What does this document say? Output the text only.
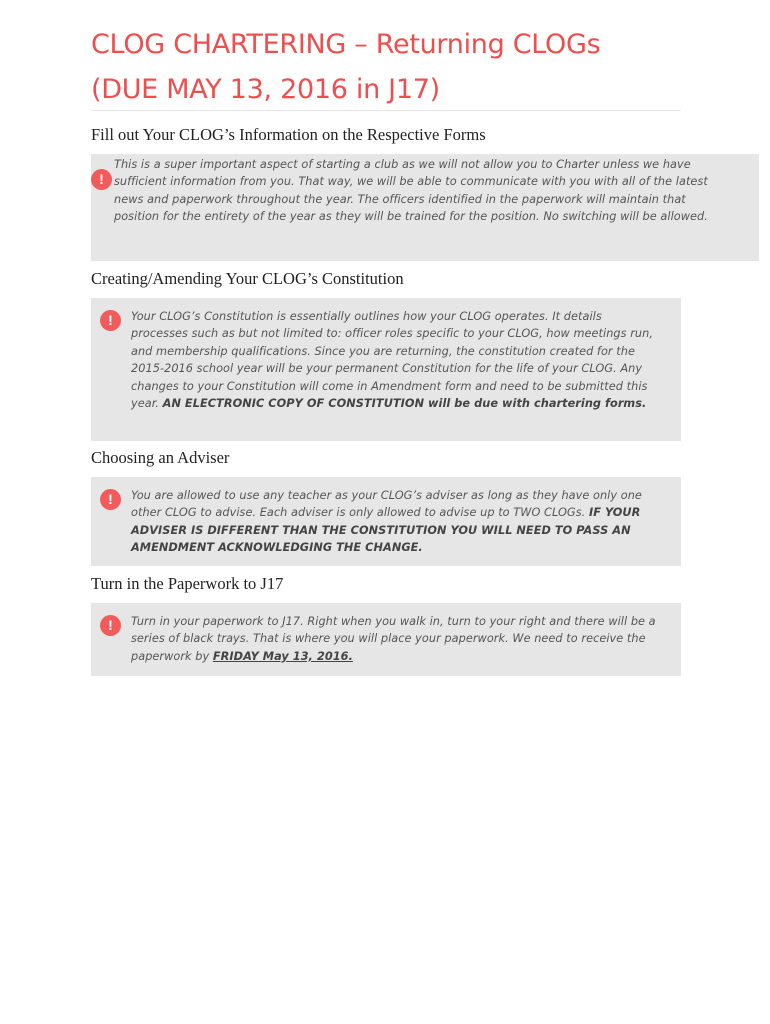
CLOG CHARTERING – Returning CLOGs
(DUE MAY 13, 2016 in J17)
Fill out Your CLOG’s Information on the Respective Forms
!
This is a super important aspect of starting a club as we will not allow you to Charter unless we have sufficient information from you. That way, we will be able to communicate with you with all of the latest news and paperwork throughout the year. The officers identified in the paperwork will maintain that position for the entirety of the year as they will be trained for the position. No switching will be allowed.
Creating/Amending Your CLOG’s Constitution
!	Your CLOG’s Constitution is essentially outlines how your CLOG operates. It details processes such as but not limited to: officer roles specific to your CLOG, how meetings run, and membership qualifications. Since you are returning, the constitution created for the 2015-2016 school year will be your permanent Constitution for the life of your CLOG. Any changes to your Constitution will come in Amendment form and need to be submitted this year. AN ELECTRONIC COPY OF CONSTITUTION will be due with chartering forms.
Choosing an Adviser
!	You are allowed to use any teacher as your CLOG’s adviser as long as they have only one other CLOG to advise. Each adviser is only allowed to advise up to TWO CLOGs. IF YOUR ADVISER IS DIFFERENT THAN THE CONSTITUTION YOU WILL NEED TO PASS AN AMENDMENT ACKNOWLEDGING THE CHANGE.
Turn in the Paperwork to J17
!	Turn in your paperwork to J17. Right when you walk in, turn to your right and there will be a series of black trays. That is where you will place your paperwork. We need to receive the paperwork by FRIDAY May 13, 2016.
